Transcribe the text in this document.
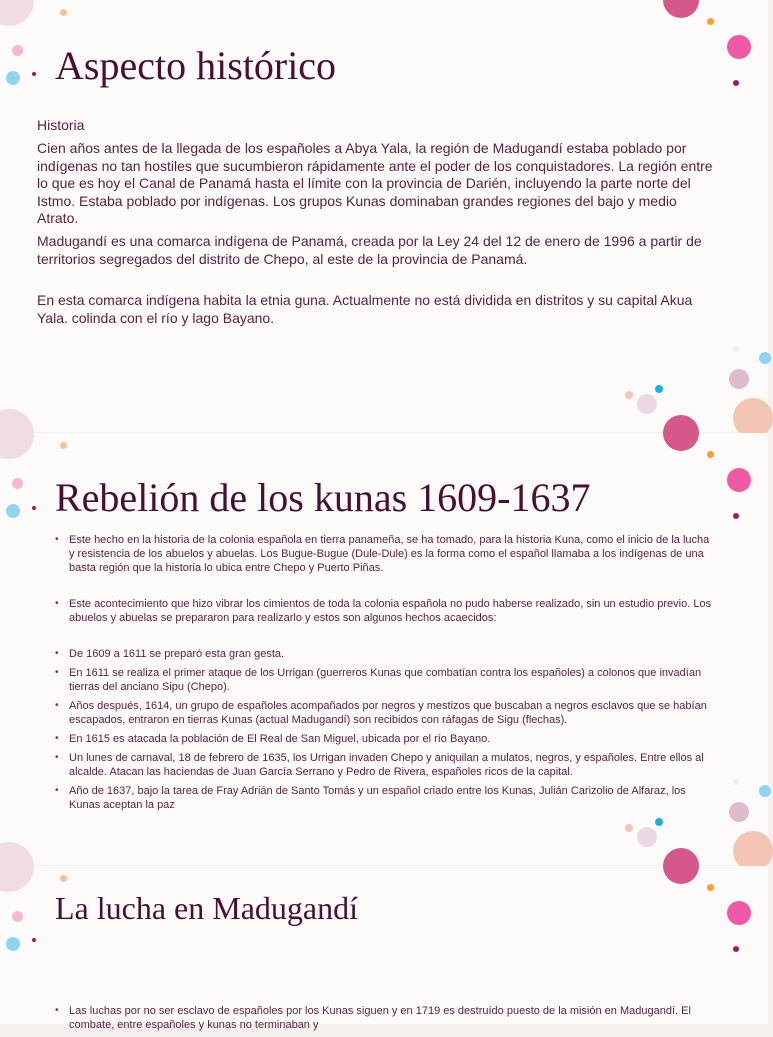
Aspecto histórico

Historia

Cien años antes de la llegada de los españoles a Abya Yala, la región de Madugandí estaba poblado por indígenas no tan hostiles que sucumbieron rápidamente ante el poder de los conquistadores. La región entre lo que es hoy el Canal de Panamá hasta el límite con la provincia de Darién, incluyendo la parte norte del Istmo. Estaba poblado por indígenas. Los grupos Kunas dominaban grandes regiones del bajo y medio Atrato.

Madugandí es una comarca indígena de Panamá, creada por la Ley 24 del 12 de enero de 1996 a partir de territorios segregados del distrito de Chepo, al este de la provincia de Panamá.

En esta comarca indígena habita la etnia guna. Actualmente no está dividida en distritos y su capital Akua Yala. colinda con el río y lago Bayano.

Rebelión de los kunas 1609-1637
• Este hecho en la historia de la colonia española en tierra panameña, se ha tomado, para la historia Kuna, como el inicio de la lucha y resistencia de los abuelos y abuelas. Los Bugue-Bugue (Dule-Dule) es la forma como el español llamaba a los indígenas de una basta región que la historia lo ubica entre Chepo y Puerto Piñas.
• Este acontecimiento que hizo vibrar los cimientos de toda la colonia española no pudo haberse realizado, sin un estudio previo. Los abuelos y abuelas se prepararon para realizarlo y estos son algunos hechos acaecidos:
• De 1609 a 1611 se preparó esta gran gesta.
• En 1611 se realiza el primer ataque de los Urrigan (guerreros Kunas que combatían contra los españoles) a colonos que invadían tierras del anciano Sipu (Chepo).
• Años después, 1614, un grupo de españoles acompañados por negros y mestizos que buscaban a negros esclavos que se habían escapados, entraron en tierras Kunas (actual Madugandí) son recibidos con ráfagas de Sigu (flechas).
• En 1615 es atacada la población de El Real de San Miguel, ubicada por el río Bayano.
• Un lunes de carnaval, 18 de febrero de 1635, los Urrigan invaden Chepo y aniquilan a mulatos, negros, y españoles. Entre ellos al alcalde. Atacan las haciendas de Juan García Serrano y Pedro de Rivera, españoles ricos de la capital.
• Año de 1637, bajo la tarea de Fray Adrián de Santo Tomás y un español criado entre los Kunas, Julián Carizolio de Alfaraz, los Kunas aceptan la paz
La lucha en Madugandí
• Las luchas por no ser esclavo de españoles por los Kunas siguen y en 1719 es destruído puesto de la misión en Madugandí. El combate, entre españoles y kunas no terminaban y
